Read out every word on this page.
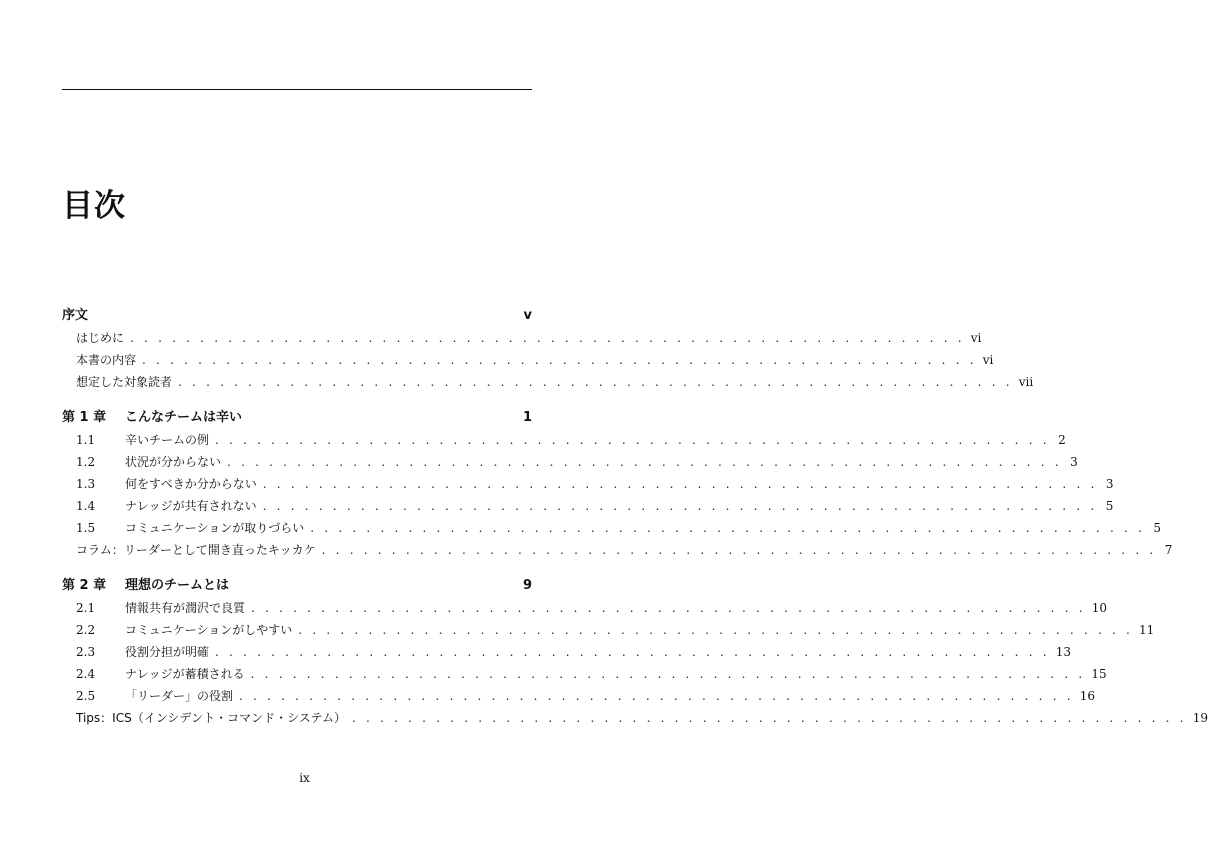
目次
序文	v
はじめに . . . . . . . . . . . . . . . . . . . . . . . . . . . . . . . . . . . . . . . . . . . . . . . . . . . . . . . . . . . . vi
本書の内容 . . . . . . . . . . . . . . . . . . . . . . . . . . . . . . . . . . . . . . . . . . . . . . . . . . . . . . . . . . . . vi
想定した対象読者 . . . . . . . . . . . . . . . . . . . . . . . . . . . . . . . . . . . . . . . . . . . . . . . . . . . . . . . . . . . . vii
第 1 章	こんなチームは辛い	1
1.1	辛いチームの例 . . . . . . . . . . . . . . . . . . . . . . . . . . . . . . . . . . . . . . . . . . . . . . . . . . . . . . . . . . . . 2
1.2	状況が分からない . . . . . . . . . . . . . . . . . . . . . . . . . . . . . . . . . . . . . . . . . . . . . . . . . . . . . . . . . . . . 3
1.3	何をすべきか分からない . . . . . . . . . . . . . . . . . . . . . . . . . . . . . . . . . . . . . . . . . . . . . . . . . . . . . . . . . . . . 3
1.4	ナレッジが共有されない . . . . . . . . . . . . . . . . . . . . . . . . . . . . . . . . . . . . . . . . . . . . . . . . . . . . . . . . . . . . 5
1.5	コミュニケーションが取りづらい . . . . . . . . . . . . . . . . . . . . . . . . . . . . . . . . . . . . . . . . . . . . . . . . . . . . . . . . . . . . 5
コラム：リーダーとして開き直ったキッカケ . . . . . . . . . . . . . . . . . . . . . . . . . . . . . . . . . . . . . . . . . . . . . . . . . . . . . . . . . . . . 7
第 2 章	理想のチームとは	9
2.1	情報共有が潤沢で良質 . . . . . . . . . . . . . . . . . . . . . . . . . . . . . . . . . . . . . . . . . . . . . . . . . . . . . . . . . . . . 10
2.2	コミュニケーションがしやすい . . . . . . . . . . . . . . . . . . . . . . . . . . . . . . . . . . . . . . . . . . . . . . . . . . . . . . . . . . . . 11
2.3	役割分担が明確 . . . . . . . . . . . . . . . . . . . . . . . . . . . . . . . . . . . . . . . . . . . . . . . . . . . . . . . . . . . . 13
2.4	ナレッジが蓄積される . . . . . . . . . . . . . . . . . . . . . . . . . . . . . . . . . . . . . . . . . . . . . . . . . . . . . . . . . . . . 15
2.5	「リーダー」の役割 . . . . . . . . . . . . . . . . . . . . . . . . . . . . . . . . . . . . . . . . . . . . . . . . . . . . . . . . . . . . 16
Tips：ICS（インシデント・コマンド・システム） . . . . . . . . . . . . . . . . . . . . . . . . . . . . . . . . . . . . . . . . . . . . . . . . . . . . . . . . . . . . 19
ix
